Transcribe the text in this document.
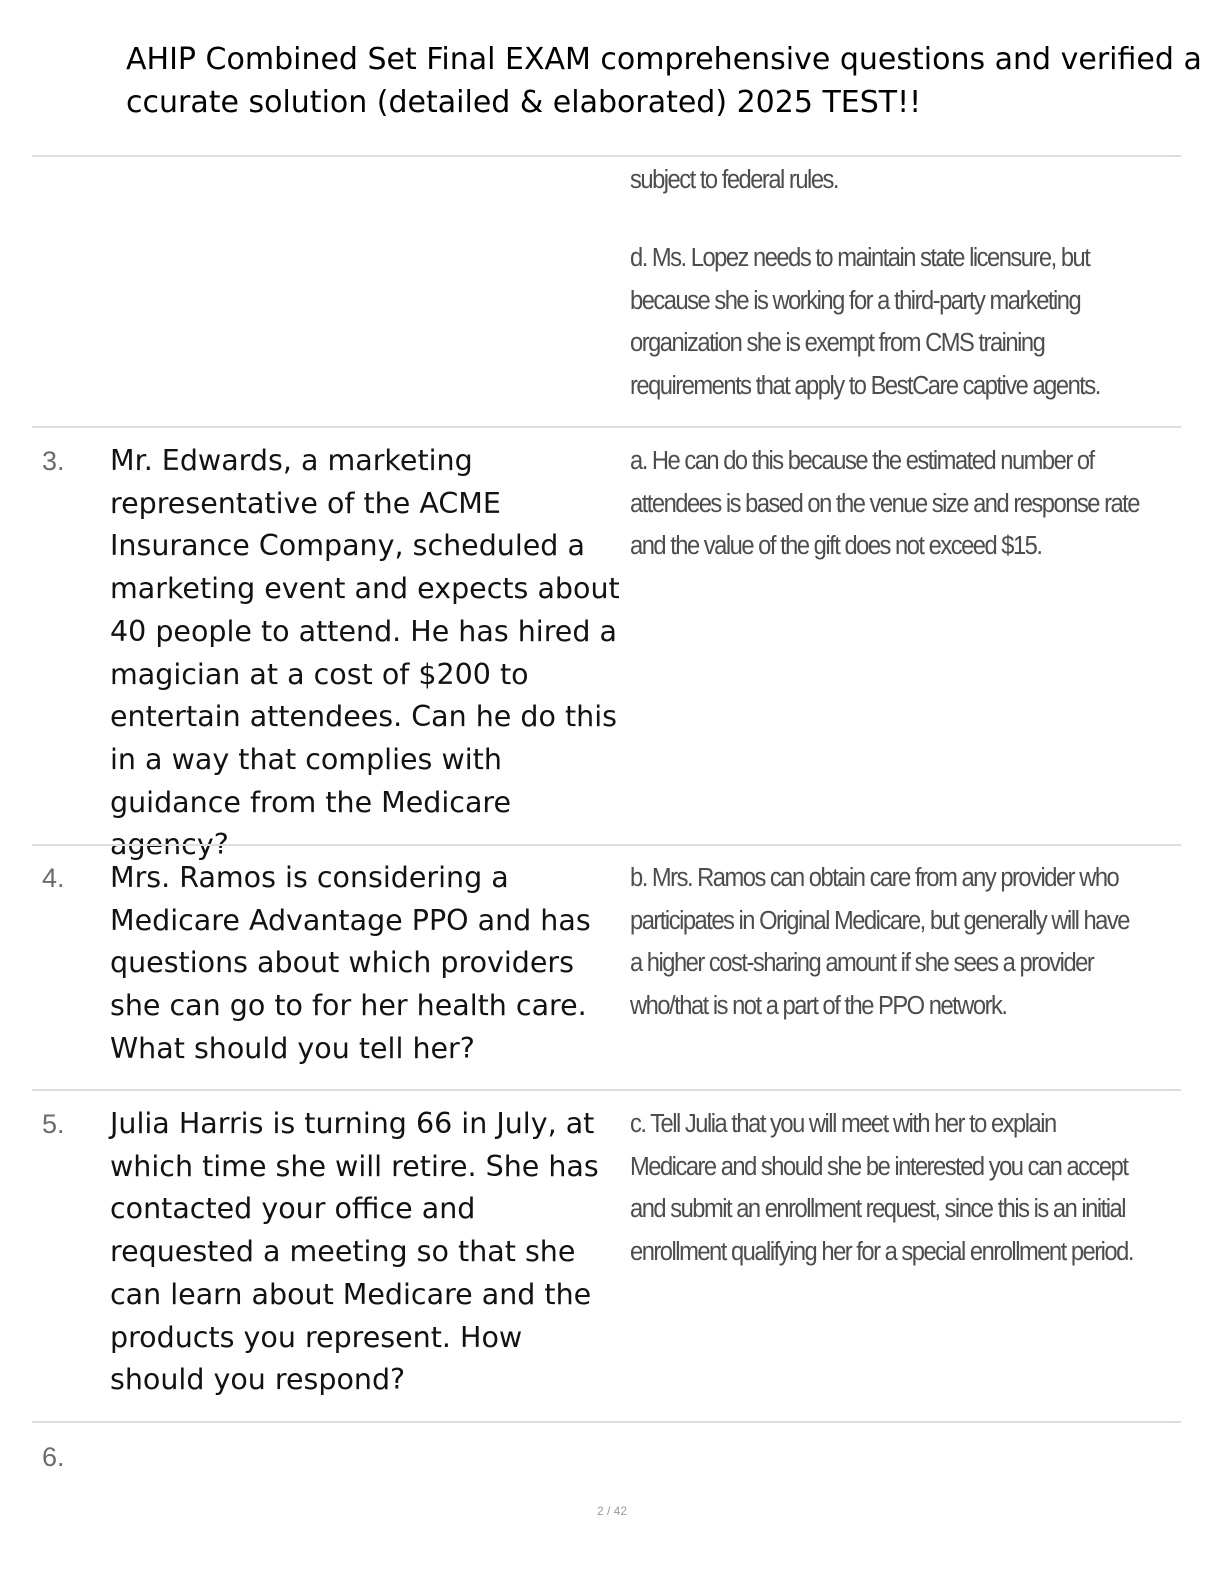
AHIP Combined Set Final EXAM comprehensive questions and verified accurate solution (detailed & elaborated) 2025 TEST!!

subject to federal rules.

d. Ms. Lopez needs to maintain state licensure, but because she is working for a third-party marketing organization she is exempt from CMS training requirements that apply to BestCare captive agents.

3. Mr. Edwards, a marketing representative of the ACME Insurance Company, scheduled a marketing event and expects about 40 people to attend. He has hired a magician at a cost of $200 to entertain attendees. Can he do this in a way that complies with guidance from the Medicare agency?

a. He can do this because the estimated number of attendees is based on the venue size and response rate and the value of the gift does not exceed $15.

4. Mrs. Ramos is considering a Medicare Advantage PPO and has questions about which providers she can go to for her health care. What should you tell her?

b. Mrs. Ramos can obtain care from any provider who participates in Original Medicare, but generally will have a higher cost-sharing amount if she sees a provider who/that is not a part of the PPO network.

5. Julia Harris is turning 66 in July, at which time she will retire. She has contacted your office and requested a meeting so that she can learn about Medicare and the products you represent. How should you respond?

c. Tell Julia that you will meet with her to explain Medicare and should she be interested you can accept and submit an enrollment request, since this is an initial enrollment qualifying her for a special enrollment period.

6.
2 / 42
